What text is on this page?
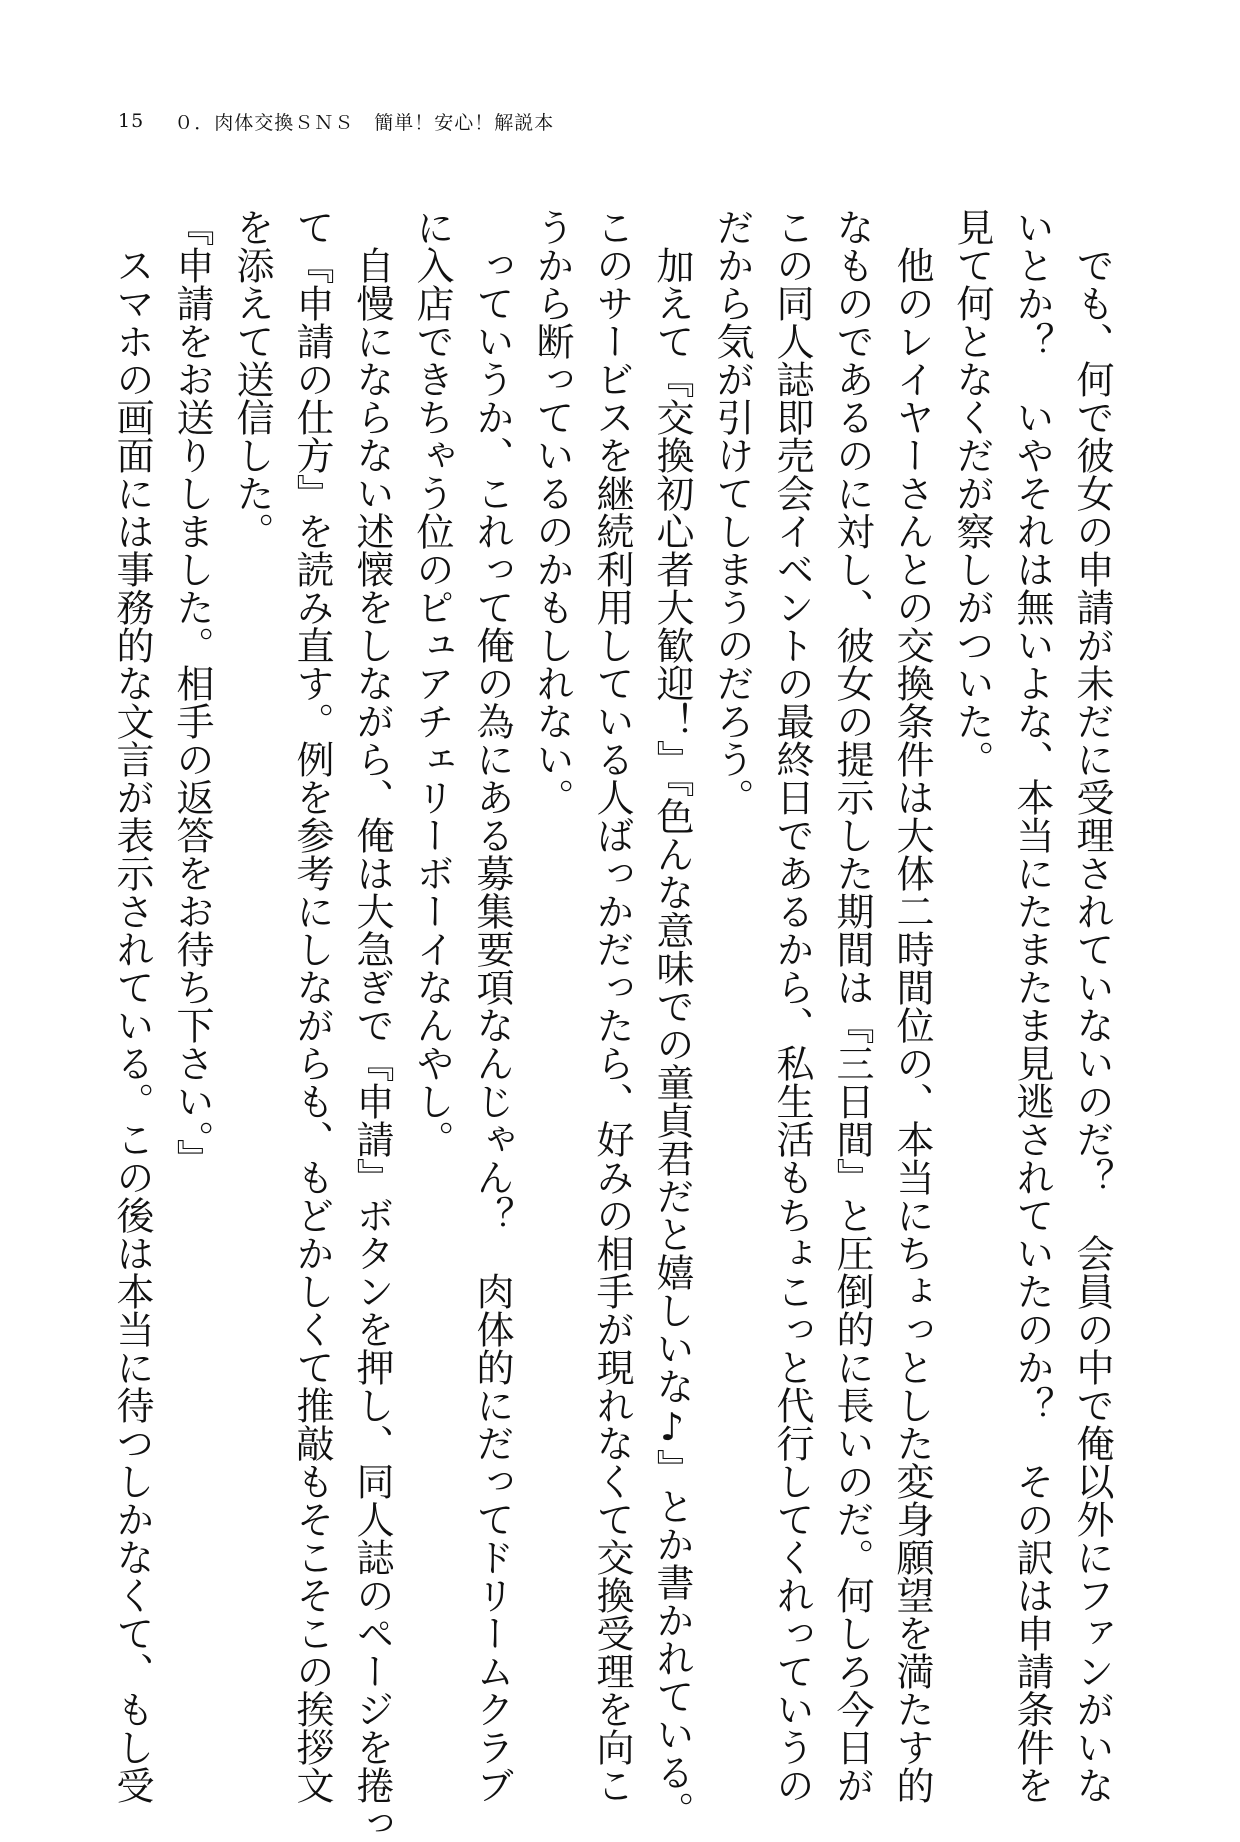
15 ０．肉体交換ＳＮＳ　簡単！安心！解説本

　でも、何で彼女の申請が未だに受理されていないのだ？　会員の中で俺以外にファンがいな

いとか？　いやそれは無いよな、本当にたまたま見逃されていたのか？　その訳は申請条件を

見て何となくだが察しがついた。

　他のレイヤーさんとの交換条件は大体二時間位の、本当にちょっとした変身願望を満たす的

なものであるのに対し、彼女の提示した期間は『三日間』と圧倒的に長いのだ。何しろ今日が

この同人誌即売会イベントの最終日であるから、私生活もちょこっと代行してくれっていうの

だから気が引けてしまうのだろう。

　加えて『交換初心者大歓迎！』『色んな意味での童貞君だと嬉しいな♪』とか書かれている。

このサービスを継続利用している人ばっかだったら、好みの相手が現れなくて交換受理を向こ

うから断っているのかもしれない。

　っていうか、これって俺の為にある募集要項なんじゃん？　肉体的にだってドリームクラブ

に入店できちゃう位のピュアチェリーボーイなんやし。

　自慢にならない述懐をしながら、俺は大急ぎで『申請』ボタンを押し、同人誌のページを捲っ

て『申請の仕方』を読み直す。例を参考にしながらも、もどかしくて推敲もそこそこの挨拶文

を添えて送信した。

『申請をお送りしました。相手の返答をお待ち下さい。』

　スマホの画面には事務的な文言が表示されている。この後は本当に待つしかなくて、もし受
